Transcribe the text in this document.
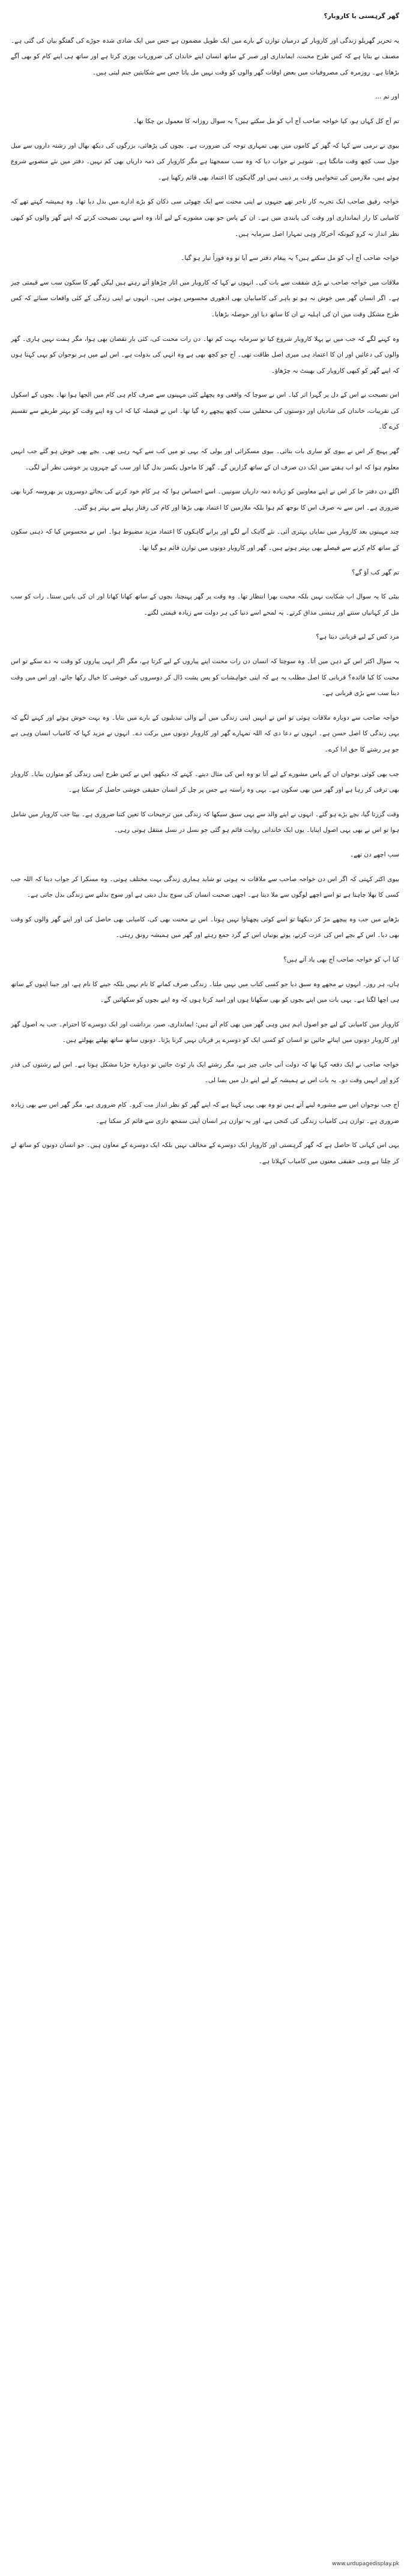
گھر گرہستی یا کاروبار؟

یہ تحریر گھریلو زندگی اور کاروبار کے درمیان توازن کے بارے میں ایک طویل مضمون ہے جس میں ایک شادی شدہ جوڑے کی گفتگو بیان کی گئی ہے۔ مصنف نے بتایا ہے کہ کس طرح محنت، ایمانداری اور صبر کے ساتھ انسان اپنے خاندان کی ضروریات پوری کرتا ہے اور ساتھ ہی اپنے کام کو بھی آگے بڑھاتا ہے۔ روزمرہ کی مصروفیات میں بعض اوقات گھر والوں کو وقت نہیں مل پاتا جس سے شکایتیں جنم لیتی ہیں۔

اور تم ...

تم آج کل کہاں ہو، کیا خواجہ صاحب آج آپ کو مل سکتے ہیں؟ یہ سوال روزانہ کا معمول بن چکا تھا۔

بیوی نے نرمی سے کہا کہ گھر کے کاموں میں بھی تمہاری توجہ کی ضرورت ہے۔ بچوں کی پڑھائی، بزرگوں کی دیکھ بھال اور رشتہ داروں سے میل جول سب کچھ وقت مانگتا ہے۔ شوہر نے جواب دیا کہ وہ سب سمجھتا ہے مگر کاروبار کی ذمہ داریاں بھی کم نہیں۔ دفتر میں نئے منصوبے شروع ہوئے ہیں، ملازمین کی تنخواہیں وقت پر دینی ہیں اور گاہکوں کا اعتماد بھی قائم رکھنا ہے۔

خواجہ رفیق صاحب ایک تجربہ کار تاجر تھے جنہوں نے اپنی محنت سے ایک چھوٹی سی دکان کو بڑے ادارے میں بدل دیا تھا۔ وہ ہمیشہ کہتے تھے کہ کامیابی کا راز ایمانداری اور وقت کی پابندی میں ہے۔ ان کے پاس جو بھی مشورے کے لیے آتا، وہ اسے یہی نصیحت کرتے کہ اپنے گھر والوں کو کبھی نظر انداز نہ کرو کیونکہ آخرکار وہی تمہارا اصل سرمایہ ہیں۔

خواجہ صاحب آج آپ کو مل سکتے ہیں؟ یہ پیغام دفتر سے آیا تو وہ فوراً تیار ہو گیا۔

ملاقات میں خواجہ صاحب نے بڑی شفقت سے بات کی۔ انہوں نے کہا کہ کاروبار میں اتار چڑھاؤ آتے رہتے ہیں لیکن گھر کا سکون سب سے قیمتی چیز ہے۔ اگر انسان گھر میں خوش نہ ہو تو باہر کی کامیابیاں بھی ادھوری محسوس ہوتی ہیں۔ انہوں نے اپنی زندگی کے کئی واقعات سنائے کہ کس طرح مشکل وقت میں ان کی اہلیہ نے ان کا ساتھ دیا اور حوصلہ بڑھایا۔

وہ کہنے لگے کہ جب میں نے پہلا کاروبار شروع کیا تو سرمایہ بہت کم تھا۔ دن رات محنت کی، کئی بار نقصان بھی ہوا، مگر ہمت نہیں ہاری۔ گھر والوں کی دعائیں اور ان کا اعتماد ہی میری اصل طاقت تھی۔ آج جو کچھ بھی ہے وہ انہی کی بدولت ہے۔ اس لیے میں ہر نوجوان کو یہی کہتا ہوں کہ اپنے گھر کو کبھی کاروبار کی بھینٹ نہ چڑھاؤ۔

اس نصیحت نے اس کے دل پر گہرا اثر کیا۔ اس نے سوچا کہ واقعی وہ پچھلے کئی مہینوں سے صرف کام ہی کام میں الجھا ہوا تھا۔ بچوں کے اسکول کی تقریبات، خاندان کی شادیاں اور دوستوں کی محفلیں سب کچھ پیچھے رہ گیا تھا۔ اس نے فیصلہ کیا کہ اب وہ اپنے وقت کو بہتر طریقے سے تقسیم کرے گا۔

گھر پہنچ کر اس نے بیوی کو ساری بات بتائی۔ بیوی مسکرائی اور بولی کہ یہی تو میں کب سے کہہ رہی تھی۔ بچے بھی خوش ہو گئے جب انہیں معلوم ہوا کہ ابو اب ہفتے میں ایک دن صرف ان کے ساتھ گزاریں گے۔ گھر کا ماحول یکسر بدل گیا اور سب کے چہروں پر خوشی نظر آنے لگی۔

اگلے دن دفتر جا کر اس نے اپنے معاونین کو زیادہ ذمہ داریاں سونپیں۔ اسے احساس ہوا کہ ہر کام خود کرنے کی بجائے دوسروں پر بھروسہ کرنا بھی ضروری ہے۔ اس سے نہ صرف اس کا بوجھ کم ہوا بلکہ ملازمین کا اعتماد بھی بڑھا اور کام کی رفتار پہلے سے بہتر ہو گئی۔

چند مہینوں بعد کاروبار میں نمایاں بہتری آئی۔ نئے گاہک آنے لگے اور پرانے گاہکوں کا اعتماد مزید مضبوط ہوا۔ اس نے محسوس کیا کہ ذہنی سکون کے ساتھ کام کرنے سے فیصلے بھی بہتر ہوتے ہیں۔ گھر اور کاروبار دونوں میں توازن قائم ہو گیا تھا۔

تم گھر کب آؤ گے؟

بیٹی کا یہ سوال اب شکایت نہیں بلکہ محبت بھرا انتظار تھا۔ وہ وقت پر گھر پہنچتا، بچوں کے ساتھ کھانا کھاتا اور ان کی باتیں سنتا۔ رات کو سب مل کر کہانیاں سنتے اور ہنسی مذاق کرتے۔ یہ لمحے اسے دنیا کی ہر دولت سے زیادہ قیمتی لگتے۔

مرد کس کے لیے قربانی دیتا ہے؟

یہ سوال اکثر اس کے ذہن میں آتا۔ وہ سوچتا کہ انسان دن رات محنت اپنے پیاروں کے لیے کرتا ہے، مگر اگر انہی پیاروں کو وقت نہ دے سکے تو اس محنت کا کیا فائدہ؟ قربانی کا اصل مطلب یہ ہے کہ اپنی خواہشات کو پس پشت ڈال کر دوسروں کی خوشی کا خیال رکھا جائے، اور اس میں وقت دینا سب سے بڑی قربانی ہے۔

خواجہ صاحب سے دوبارہ ملاقات ہوئی تو اس نے انہیں اپنی زندگی میں آنے والی تبدیلیوں کے بارے میں بتایا۔ وہ بہت خوش ہوئے اور کہنے لگے کہ یہی زندگی کا اصل حسن ہے۔ انہوں نے دعا دی کہ اللہ تمہارے گھر اور کاروبار دونوں میں برکت دے۔ انہوں نے مزید کہا کہ کامیاب انسان وہی ہے جو ہر رشتے کا حق ادا کرے۔

جب بھی کوئی نوجوان ان کے پاس مشورے کے لیے آتا تو وہ اس کی مثال دیتے۔ کہتے کہ دیکھو، اس نے کس طرح اپنی زندگی کو متوازن بنایا۔ کاروبار بھی ترقی کر رہا ہے اور گھر میں بھی سکون ہے۔ یہی وہ راستہ ہے جس پر چل کر انسان حقیقی خوشی حاصل کر سکتا ہے۔

وقت گزرتا گیا، بچے بڑے ہو گئے۔ انہوں نے اپنے والد سے یہی سبق سیکھا کہ زندگی میں ترجیحات کا تعین کتنا ضروری ہے۔ بیٹا جب کاروبار میں شامل ہوا تو اس نے بھی یہی اصول اپنایا۔ یوں ایک خاندانی روایت قائم ہو گئی جو نسل در نسل منتقل ہوتی رہی۔

سب اچھے دن تھے۔

بیوی اکثر کہتی کہ اگر اس دن خواجہ صاحب سے ملاقات نہ ہوتی تو شاید ہماری زندگی بہت مختلف ہوتی۔ وہ مسکرا کر جواب دیتا کہ اللہ جب کسی کا بھلا چاہتا ہے تو اسے اچھے لوگوں سے ملا دیتا ہے۔ اچھی صحبت انسان کی سوچ بدل دیتی ہے اور سوچ بدلنے سے زندگی بدل جاتی ہے۔

بڑھاپے میں جب وہ پیچھے مڑ کر دیکھتا تو اسے کوئی پچھتاوا نہیں ہوتا۔ اس نے محنت بھی کی، کامیابی بھی حاصل کی اور اپنے گھر والوں کو وقت بھی دیا۔ اس کے بچے اس کی عزت کرتے، پوتے پوتیاں اس کے گرد جمع رہتے اور گھر میں ہمیشہ رونق رہتی۔

کیا آپ کو خواجہ صاحب آج بھی یاد آتے ہیں؟

ہاں، ہر روز۔ انہوں نے مجھے وہ سبق دیا جو کسی کتاب میں نہیں ملتا۔ زندگی صرف کمانے کا نام نہیں بلکہ جینے کا نام ہے، اور جینا اپنوں کے ساتھ ہی اچھا لگتا ہے۔ یہی بات میں اپنے بچوں کو بھی سکھاتا ہوں اور امید کرتا ہوں کہ وہ اپنے بچوں کو سکھائیں گے۔

کاروبار میں کامیابی کے لیے جو اصول اہم ہیں وہی گھر میں بھی کام آتے ہیں: ایمانداری، صبر، برداشت اور ایک دوسرے کا احترام۔ جب یہ اصول گھر اور کاروبار دونوں میں اپنائے جائیں تو انسان کو کسی ایک کو دوسرے پر قربان نہیں کرنا پڑتا۔ دونوں ساتھ ساتھ پھلتے پھولتے ہیں۔

خواجہ صاحب نے ایک دفعہ کہا تھا کہ دولت آنی جانی چیز ہے، مگر رشتے ایک بار ٹوٹ جائیں تو دوبارہ جڑنا مشکل ہوتا ہے۔ اس لیے رشتوں کی قدر کرو اور انہیں وقت دو۔ یہ بات اس نے ہمیشہ کے لیے اپنے دل میں بسا لی۔

آج جب نوجوان اس سے مشورہ لینے آتے ہیں تو وہ بھی یہی کہتا ہے کہ اپنے گھر کو نظر انداز مت کرو۔ کام ضروری ہے، مگر گھر اس سے بھی زیادہ ضروری ہے۔ توازن ہی کامیاب زندگی کی کنجی ہے، اور یہ توازن ہر انسان اپنی سمجھ داری سے قائم کر سکتا ہے۔

یہی اس کہانی کا حاصل ہے کہ گھر گرہستی اور کاروبار ایک دوسرے کے مخالف نہیں بلکہ ایک دوسرے کے معاون ہیں۔ جو انسان دونوں کو ساتھ لے کر چلتا ہے وہی حقیقی معنوں میں کامیاب کہلاتا ہے۔

www.urdupagedisplay.pk
